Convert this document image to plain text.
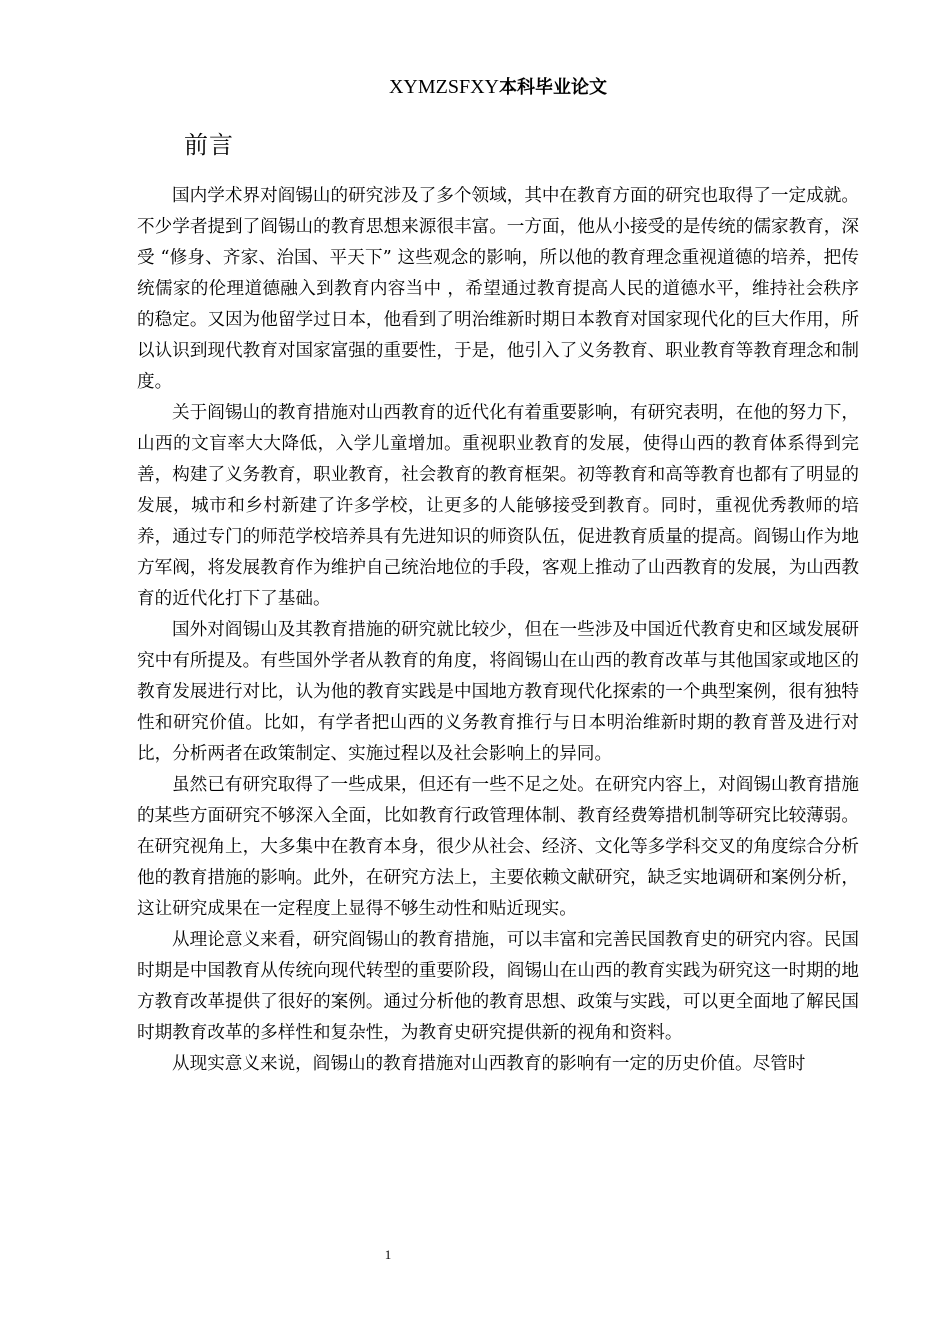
XYMZSFXY本科毕业论文
前言

国内学术界对阎锡山的研究涉及了多个领域，其中在教育方面的研究也取得了一定成就。不少学者提到了阎锡山的教育思想来源很丰富。一方面，他从小接受的是传统的儒家教育，深受 “修身、齐家、治国、平天下” 这些观念的影响，所以他的教育理念重视道德的培养，把传统儒家的伦理道德融入到教育内容当中 ，希望通过教育提高人民的道德水平，维持社会秩序的稳定。又因为他留学过日本，他看到了明治维新时期日本教育对国家现代化的巨大作用，所以认识到现代教育对国家富强的重要性，于是，他引入了义务教育、职业教育等教育理念和制度。

关于阎锡山的教育措施对山西教育的近代化有着重要影响，有研究表明，在他的努力下，山西的文盲率大大降低，入学儿童增加。重视职业教育的发展，使得山西的教育体系得到完善，构建了义务教育，职业教育，社会教育的教育框架。初等教育和高等教育也都有了明显的发展，城市和乡村新建了许多学校，让更多的人能够接受到教育。同时，重视优秀教师的培养，通过专门的师范学校培养具有先进知识的师资队伍，促进教育质量的提高。阎锡山作为地方军阀，将发展教育作为维护自己统治地位的手段，客观上推动了山西教育的发展，为山西教育的近代化打下了基础。

国外对阎锡山及其教育措施的研究就比较少，但在一些涉及中国近代教育史和区域发展研究中有所提及。有些国外学者从教育的角度，将阎锡山在山西的教育改革与其他国家或地区的教育发展进行对比，认为他的教育实践是中国地方教育现代化探索的一个典型案例，很有独特性和研究价值。比如，有学者把山西的义务教育推行与日本明治维新时期的教育普及进行对比，分析两者在政策制定、实施过程以及社会影响上的异同。

虽然已有研究取得了一些成果，但还有一些不足之处。在研究内容上，对阎锡山教育措施的某些方面研究不够深入全面，比如教育行政管理体制、教育经费筹措机制等研究比较薄弱。在研究视角上，大多集中在教育本身，很少从社会、经济、文化等多学科交叉的角度综合分析他的教育措施的影响。此外，在研究方法上，主要依赖文献研究，缺乏实地调研和案例分析，这让研究成果在一定程度上显得不够生动性和贴近现实。

从理论意义来看，研究阎锡山的教育措施，可以丰富和完善民国教育史的研究内容。民国时期是中国教育从传统向现代转型的重要阶段，阎锡山在山西的教育实践为研究这一时期的地方教育改革提供了很好的案例。通过分析他的教育思想、政策与实践，可以更全面地了解民国时期教育改革的多样性和复杂性，为教育史研究提供新的视角和资料。

从现实意义来说，阎锡山的教育措施对山西教育的影响有一定的历史价值。尽管时

1
